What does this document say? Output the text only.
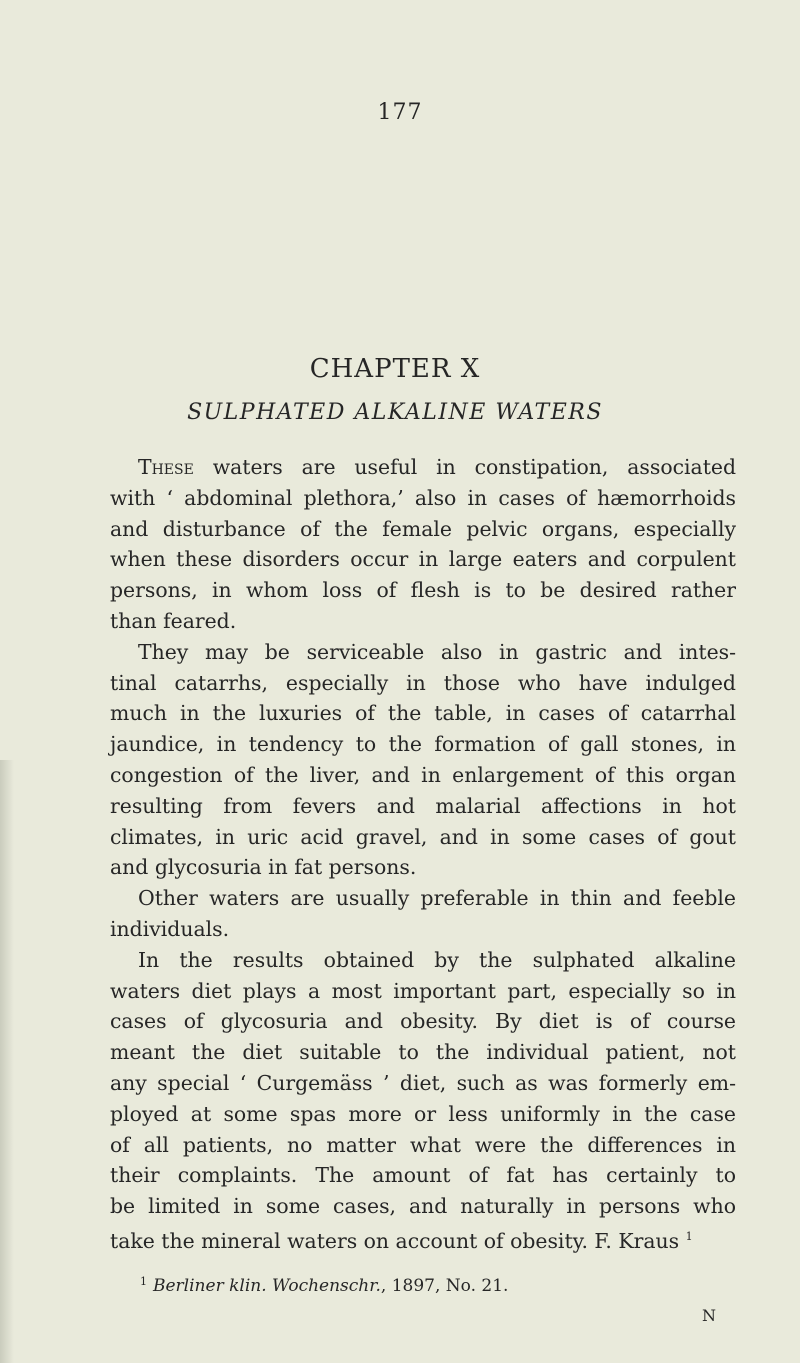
177
CHAPTER X
SULPHATED ALKALINE WATERS
These waters are useful in constipation, associated
with ‘ abdominal plethora,’ also in cases of hæmorrhoids
and disturbance of the female pelvic organs, especially
when these disorders occur in large eaters and corpulent
persons, in whom loss of flesh is to be desired rather
than feared.
They may be serviceable also in gastric and intes-
tinal catarrhs, especially in those who have indulged
much in the luxuries of the table, in cases of catarrhal
jaundice, in tendency to the formation of gall stones, in
congestion of the liver, and in enlargement of this organ
resulting from fevers and malarial affections in hot
climates, in uric acid gravel, and in some cases of gout
and glycosuria in fat persons.
Other waters are usually preferable in thin and feeble
individuals.
In the results obtained by the sulphated alkaline
waters diet plays a most important part, especially so in
cases of glycosuria and obesity. By diet is of course
meant the diet suitable to the individual patient, not
any special ‘ Curgemäss ’ diet, such as was formerly em-
ployed at some spas more or less uniformly in the case
of all patients, no matter what were the differences in
their complaints. The amount of fat has certainly to
be limited in some cases, and naturally in persons who
take the mineral waters on account of obesity. F. Kraus $^1$
$^1$ Berliner klin. Wochenschr., 1897, No. 21.
N
